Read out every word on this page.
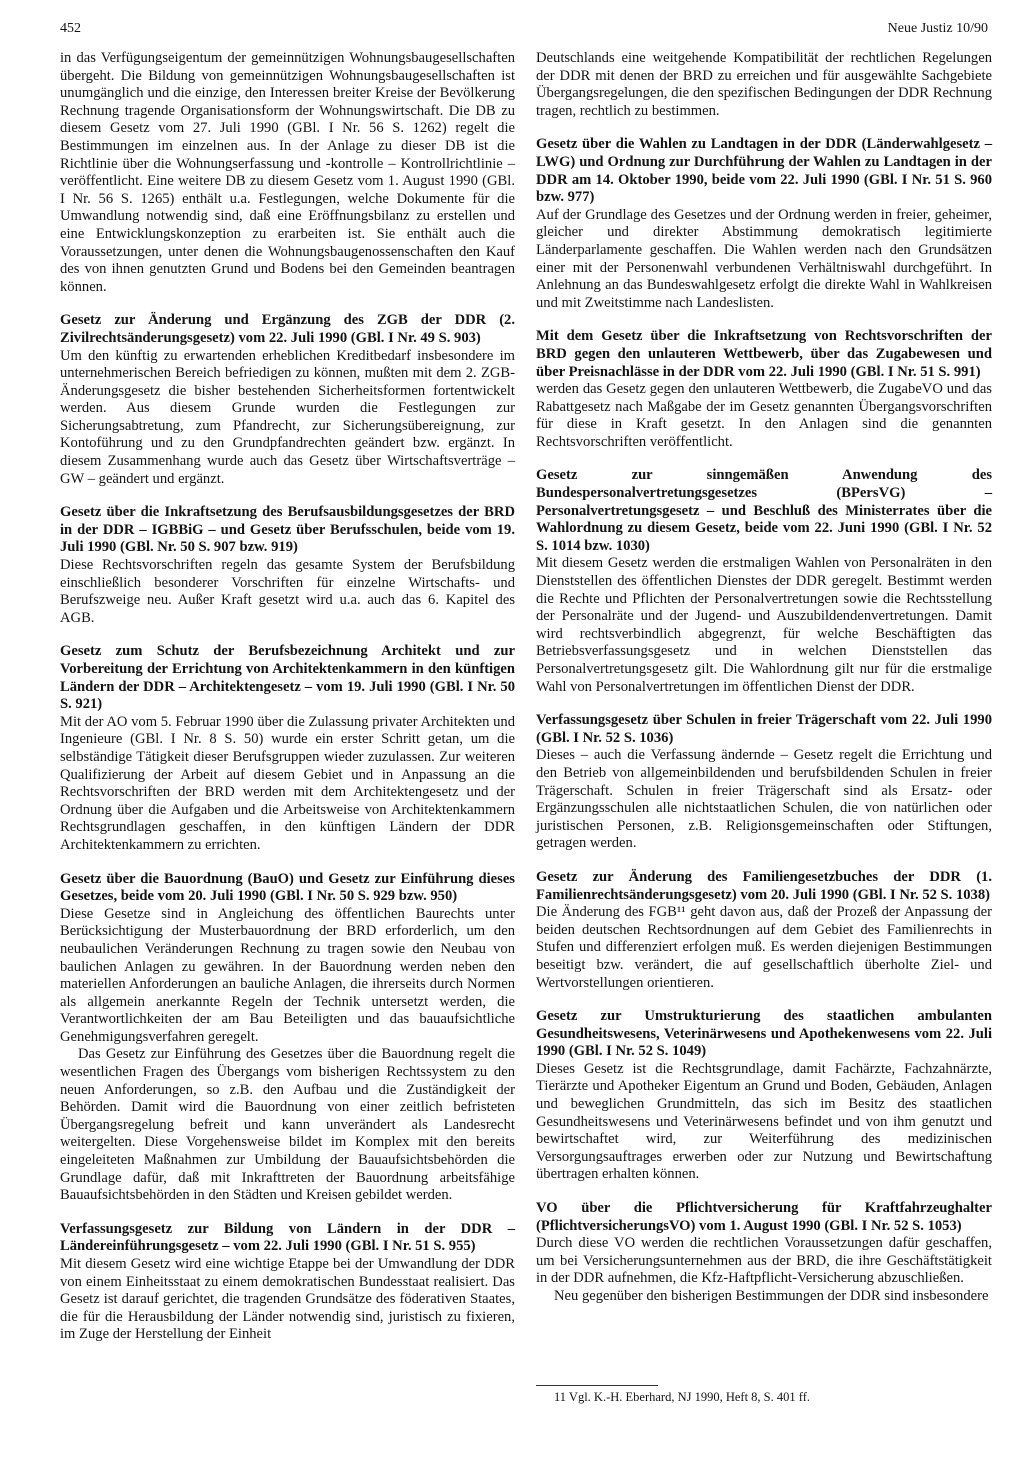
452	Neue Justiz 10/90

in das Verfügungseigentum der gemeinnützigen Wohnungsbaugesellschaften übergeht. Die Bildung von gemeinnützigen Wohnungsbaugesellschaften ist unumgänglich und die einzige, den Interessen breiter Kreise der Bevölkerung Rechnung tragende Organisationsform der Wohnungswirtschaft. Die DB zu diesem Gesetz vom 27. Juli 1990 (GBl. I Nr. 56 S. 1262) regelt die Bestimmungen im einzelnen aus. In der Anlage zu dieser DB ist die Richtlinie über die Wohnungserfassung und -kontrolle – Kontrollrichtlinie – veröffentlicht. Eine weitere DB zu diesem Gesetz vom 1. August 1990 (GBl. I Nr. 56 S. 1265) enthält u.a. Festlegungen, welche Dokumente für die Umwandlung notwendig sind, daß eine Eröffnungsbilanz zu erstellen und eine Entwicklungskonzeption zu erarbeiten ist. Sie enthält auch die Voraussetzungen, unter denen die Wohnungsbaugenossenschaften den Kauf des von ihnen genutzten Grund und Bodens bei den Gemeinden beantragen können.

Gesetz zur Änderung und Ergänzung des ZGB der DDR (2. Zivilrechtsänderungsgesetz) vom 22. Juli 1990 (GBl. I Nr. 49 S. 903)

Um den künftig zu erwartenden erheblichen Kreditbedarf insbesondere im unternehmerischen Bereich befriedigen zu können, mußten mit dem 2. ZGB-Änderungsgesetz die bisher bestehenden Sicherheitsformen fortentwickelt werden. Aus diesem Grunde wurden die Festlegungen zur Sicherungsabtretung, zum Pfandrecht, zur Sicherungsübereignung, zur Kontoführung und zu den Grundpfandrechten geändert bzw. ergänzt. In diesem Zusammenhang wurde auch das Gesetz über Wirtschaftsverträge – GW – geändert und ergänzt.

Gesetz über die Inkraftsetzung des Berufsausbildungsgesetzes der BRD in der DDR – IGBBiG – und Gesetz über Berufsschulen, beide vom 19. Juli 1990 (GBl. Nr. 50 S. 907 bzw. 919)

Diese Rechtsvorschriften regeln das gesamte System der Berufsbildung einschließlich besonderer Vorschriften für einzelne Wirtschafts- und Berufszweige neu. Außer Kraft gesetzt wird u.a. auch das 6. Kapitel des AGB.

Gesetz zum Schutz der Berufsbezeichnung Architekt und zur Vorbereitung der Errichtung von Architektenkammern in den künftigen Ländern der DDR – Architektengesetz – vom 19. Juli 1990 (GBl. I Nr. 50 S. 921)

Mit der AO vom 5. Februar 1990 über die Zulassung privater Architekten und Ingenieure (GBl. I Nr. 8 S. 50) wurde ein erster Schritt getan, um die selbständige Tätigkeit dieser Berufsgruppen wieder zuzulassen. Zur weiteren Qualifizierung der Arbeit auf diesem Gebiet und in Anpassung an die Rechtsvorschriften der BRD werden mit dem Architektengesetz und der Ordnung über die Aufgaben und die Arbeitsweise von Architektenkammern Rechtsgrundlagen geschaffen, in den künftigen Ländern der DDR Architektenkammern zu errichten.

Gesetz über die Bauordnung (BauO) und Gesetz zur Einführung dieses Gesetzes, beide vom 20. Juli 1990 (GBl. I Nr. 50 S. 929 bzw. 950)

Diese Gesetze sind in Angleichung des öffentlichen Baurechts unter Berücksichtigung der Musterbauordnung der BRD erforderlich, um den neubaulichen Veränderungen Rechnung zu tragen sowie den Neubau von baulichen Anlagen zu gewähren. In der Bauordnung werden neben den materiellen Anforderungen an bauliche Anlagen, die ihrerseits durch Normen als allgemein anerkannte Regeln der Technik untersetzt werden, die Verantwortlichkeiten der am Bau Beteiligten und das bauaufsichtliche Genehmigungsverfahren geregelt.

Das Gesetz zur Einführung des Gesetzes über die Bauordnung regelt die wesentlichen Fragen des Übergangs vom bisherigen Rechtssystem zu den neuen Anforderungen, so z.B. den Aufbau und die Zuständigkeit der Behörden. Damit wird die Bauordnung von einer zeitlich befristeten Übergangsregelung befreit und kann unverändert als Landesrecht weitergelten. Diese Vorgehensweise bildet im Komplex mit den bereits eingeleiteten Maßnahmen zur Umbildung der Bauaufsichtsbehörden die Grundlage dafür, daß mit Inkrafttreten der Bauordnung arbeitsfähige Bauaufsichtsbehörden in den Städten und Kreisen gebildet werden.

Verfassungsgesetz zur Bildung von Ländern in der DDR – Ländereinführungsgesetz – vom 22. Juli 1990 (GBl. I Nr. 51 S. 955)

Mit diesem Gesetz wird eine wichtige Etappe bei der Umwandlung der DDR von einem Einheitsstaat zu einem demokratischen Bundesstaat realisiert. Das Gesetz ist darauf gerichtet, die tragenden Grundsätze des föderativen Staates, die für die Herausbildung der Länder notwendig sind, juristisch zu fixieren, im Zuge der Herstellung der Einheit

Deutschlands eine weitgehende Kompatibilität der rechtlichen Regelungen der DDR mit denen der BRD zu erreichen und für ausgewählte Sachgebiete Übergangsregelungen, die den spezifischen Bedingungen der DDR Rechnung tragen, rechtlich zu bestimmen.

Gesetz über die Wahlen zu Landtagen in der DDR (Länderwahlgesetz – LWG) und Ordnung zur Durchführung der Wahlen zu Landtagen in der DDR am 14. Oktober 1990, beide vom 22. Juli 1990 (GBl. I Nr. 51 S. 960 bzw. 977)

Auf der Grundlage des Gesetzes und der Ordnung werden in freier, geheimer, gleicher und direkter Abstimmung demokratisch legitimierte Länderparlamente geschaffen. Die Wahlen werden nach den Grundsätzen einer mit der Personenwahl verbundenen Verhältniswahl durchgeführt. In Anlehnung an das Bundeswahlgesetz erfolgt die direkte Wahl in Wahlkreisen und mit Zweitstimme nach Landeslisten.

Mit dem Gesetz über die Inkraftsetzung von Rechtsvorschriften der BRD gegen den unlauteren Wettbewerb, über das Zugabewesen und über Preisnachlässe in der DDR vom 22. Juli 1990 (GBl. I Nr. 51 S. 991)

werden das Gesetz gegen den unlauteren Wettbewerb, die ZugabeVO und das Rabattgesetz nach Maßgabe der im Gesetz genannten Übergangsvorschriften für diese in Kraft gesetzt. In den Anlagen sind die genannten Rechtsvorschriften veröffentlicht.

Gesetz zur sinngemäßen Anwendung des Bundespersonalvertretungsgesetzes (BPersVG) – Personalvertretungsgesetz – und Beschluß des Ministerrates über die Wahlordnung zu diesem Gesetz, beide vom 22. Juni 1990 (GBl. I Nr. 52 S. 1014 bzw. 1030)

Mit diesem Gesetz werden die erstmaligen Wahlen von Personalräten in den Dienststellen des öffentlichen Dienstes der DDR geregelt. Bestimmt werden die Rechte und Pflichten der Personalvertretungen sowie die Rechtsstellung der Personalräte und der Jugend- und Auszubildendenvertretungen. Damit wird rechtsverbindlich abgegrenzt, für welche Beschäftigten das Betriebsverfassungsgesetz und in welchen Dienststellen das Personalvertretungsgesetz gilt. Die Wahlordnung gilt nur für die erstmalige Wahl von Personalvertretungen im öffentlichen Dienst der DDR.

Verfassungsgesetz über Schulen in freier Trägerschaft vom 22. Juli 1990 (GBl. I Nr. 52 S. 1036)

Dieses – auch die Verfassung ändernde – Gesetz regelt die Errichtung und den Betrieb von allgemeinbildenden und berufsbildenden Schulen in freier Trägerschaft. Schulen in freier Trägerschaft sind als Ersatz- oder Ergänzungsschulen alle nichtstaatlichen Schulen, die von natürlichen oder juristischen Personen, z.B. Religionsgemeinschaften oder Stiftungen, getragen werden.

Gesetz zur Änderung des Familiengesetzbuches der DDR (1. Familienrechtsänderungsgesetz) vom 20. Juli 1990 (GBl. I Nr. 52 S. 1038)

Die Änderung des FGB¹¹ geht davon aus, daß der Prozeß der Anpassung der beiden deutschen Rechtsordnungen auf dem Gebiet des Familienrechts in Stufen und differenziert erfolgen muß. Es werden diejenigen Bestimmungen beseitigt bzw. verändert, die auf gesellschaftlich überholte Ziel- und Wertvorstellungen orientieren.

Gesetz zur Umstrukturierung des staatlichen ambulanten Gesundheitswesens, Veterinärwesens und Apothekenwesens vom 22. Juli 1990 (GBl. I Nr. 52 S. 1049)

Dieses Gesetz ist die Rechtsgrundlage, damit Fachärzte, Fachzahnärzte, Tierärzte und Apotheker Eigentum an Grund und Boden, Gebäuden, Anlagen und beweglichen Grundmitteln, das sich im Besitz des staatlichen Gesundheitswesens und Veterinärwesens befindet und von ihm genutzt und bewirtschaftet wird, zur Weiterführung des medizinischen Versorgungsauftrages erwerben oder zur Nutzung und Bewirtschaftung übertragen erhalten können.

VO über die Pflichtversicherung für Kraftfahrzeughalter (PflichtversicherungsVO) vom 1. August 1990 (GBl. I Nr. 52 S. 1053)

Durch diese VO werden die rechtlichen Voraussetzungen dafür geschaffen, um bei Versicherungsunternehmen aus der BRD, die ihre Geschäftstätigkeit in der DDR aufnehmen, die Kfz-Haftpflicht-Versicherung abzuschließen.

Neu gegenüber den bisherigen Bestimmungen der DDR sind insbesondere

11 Vgl. K.-H. Eberhard, NJ 1990, Heft 8, S. 401 ff.
